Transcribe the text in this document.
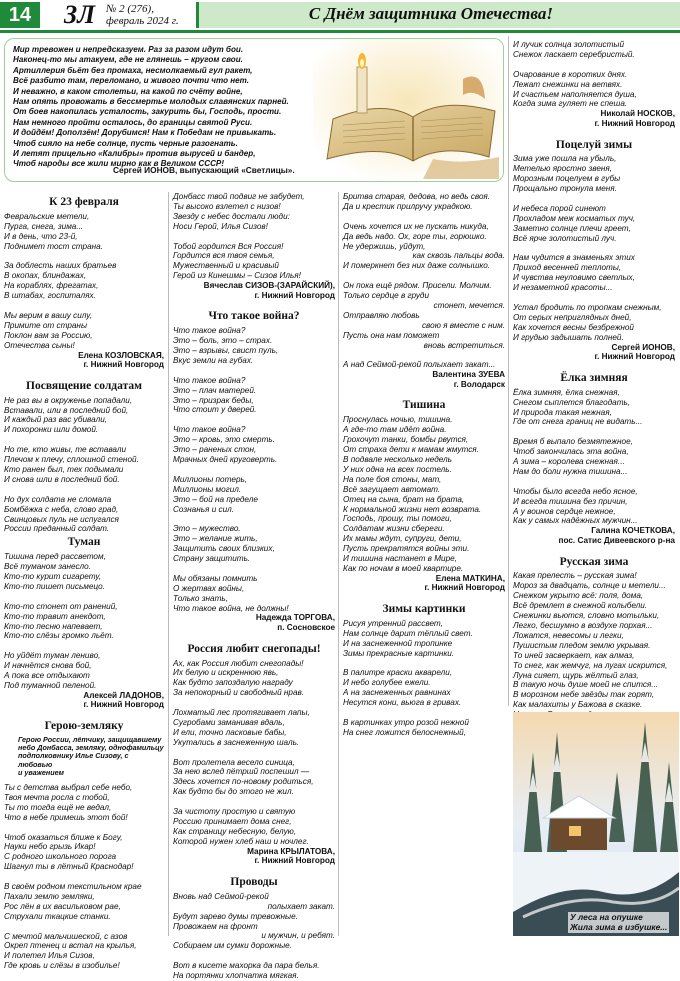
14	ЗЛ № 2 (276),
февраль 2024 г.	С Днём защитника Отечества!
Мир тревожен и непредсказуем. Раз за разом идут бои.
Наконец-то мы атакуем, где не глянешь – кругом свои.
Артиллерия бьёт без промаха, несмолкаемый гул ракет,
Всё разбито там, переломано, и живого почти что нет.
И неважно, в каком столетьи, на какой по счёту войне,
Нам опять провожать в бессмертье молодых славянских парней.
От боев накопилась усталость, закурить бы, Господь, прости.
Нам немного пройти осталось, до границы святой Руси.
И дойдём! Доползëм! Дорубимся! Нам к Победам не привыкать.
Чтоб сияло на небе солнце, пусть черные разогнать.
И летят прицельно «Калибры» против вырусей и бандер,
Чтоб народы все жили мирно как в Великом СССР!
Сергей ИОНОВ, выпускающий «Светлицы».
К 23 февраля
Февральские метели,
Пурга, снега, зима...
И в день, что 23-й,
Поднимет тост страна.
За доблесть наших братьев
В окопах, блиндажах,
На кораблях, фрегатах,
В штабах, госпиталях.
Мы верим в вашу силу,
Примите от страны
Поклон вам за Россию,
Отечества сыны!
Елена КОЗЛОВСКАЯ,
г. Нижний Новгород
Посвящение солдатам
Не раз вы в окруженье попадали,
Вставали, или в последний бой,
И каждый раз вас убивали,
И похоронки шли домой.
Но те, кто живы, те вставали
Плечом к плечу, сплошной стеной.
Кто ранен был, тех подымали
И снова шли в последний бой.
Но дух солдата не сломала
Бомбёжка с неба, слово град,
Свинцовых пуль не испугался
России преданный солдат.
Туман
Тишина перед рассветом,
Всё туманом занесло.
Кто-то курит сигарету,
Кто-то пишет письмецо.
Кто-то стонет от ранений,
Кто-то травит анекдот,
Кто-то песню напевает,
Кто-то слёзы громко льёт.
Но уйдёт туман лениво,
И начнётся снова бой,
А пока все отдыхают
Под туманной пеленой.
Алексей ЛАДОНОВ,
г. Нижний Новгород
Герою-земляку
Герою России, лётчику, защищавшему
небо Донбасса, земляку, однофамильцу
подполковнику Илье Сизову, с любовью
и уважением
Ты с детства выбрал себе небо,
Твоя мечта росла с тобой,
Ты то тогда ещё не ведал,
Что в небе примешь этот бой!
Чтоб оказаться ближе к Богу,
Науки небо грызь Икар!
С родного школьного порога
Шагнул ты в лётный Краснодар!
В своём родном текстильном крае
Пахали землю земляки,
Рос лён в их васильковом рае,
Струхали ткацкие станки.
С мечтой мальчишеской, с азов
Окреп птенец и встал на крылья,
И полетел Илья Сизов,
Где кровь и слёзы в изобилье!
Донбасс твой подвиг не забудет,
Ты высоко взлетел с низов!
Звезду с небес достали люди:
Носи Герой, Илья Сизов!
Тобой гордится Вся Россия!
Гордится вся твоя семья,
Мужественный и красивый
Герой из Кинешмы – Сизов Илья!
Вячеслав СИЗОВ-(ЗАРАЙСКИЙ),
г. Нижний Новгород
Что такое война?
Что такое война?
Это – боль, это – страх.
Это – взрывы, свист пуль,
Вкус земли на губах.
Что такое война?
Это – плач матерей.
Это – призрак беды,
Что стоит у дверей.
Что такое война?
Это – кровь, это смерть.
Это – раненых стон,
Мрачных дней круговерть.
Миллионы потерь,
Миллионы могил.
Это – бой на пределе
Сознанья и сил.
Это – мужество.
Это – желание жить,
Защитить своих близких,
Страну защитить.
Мы обязаны помнить
О жертвах войны,
Только знать,
Что такое война, не должны!
Надежда ТОРГОВА,
п. Сосновское
Россия любит снегопады!
Ах, как Россия любит снегопады!
Их белую и искреннюю явь,
Как будто запоздалую награду
За непокорный и свободный нрав.
Лохматый лес протягивает лапы,
Сугробами заманивая вдаль,
И ели, точно ласковые бабы,
Укутались в заснеженную шаль.
Вот пролетела весело синица,
За нею вслед пётршй поспешил —
Здесь хочется по-новому родиться,
Как будто бы до этого не жил.
За чистоту простую и святую
Россию принимает дома снег,
Как страницу небесную, белую,
Которой нужен хлеб наш и ночлег.
Марина КРЫЛАТОВА,
г. Нижний Новгород
Проводы
Вновь над Сеймой-рекой
полыхает закат.
Будут зарево думы тревожные.
Провожаем на фронт
и мужчин, и ребят.
Собираем им сумки дорожные.
Вот в кисете махорка да пара белья.
На портянки хлопчатка мягкая.
Бритва старая, дедова, но ведь своя.
Да и крестик прилручу украдкою.
Очень хочется их не пускать никуда,
Да ведь надо. Ох, горе ты, горюшко.
Не удержишь, уйдут,
как сквозь пальцы вода.
И померкнет без них даже солнышко.
Он пока ещё рядом. Присели. Молчим.
Только сердце в груди
стонет, мечется.
Отправляю любовь
свою я вместе с ним.
Пусть она нам поможет
вновь встретиться.
А над Сеймой-рекой полыхает закат...
Валентина ЗУЕВА
г. Володарск
Тишина
Проснулась ночью, тишина.
А где-то там идёт война.
Грохочут танки, бомбы рвутся,
От страха дети к мамам жмутся.
В подвале несколько недель
У них одна на всех постель.
На поле боя стоны, мат,
Всё загущает автомат.
Отец на сына, брат на брата,
К нормальной жизни нет возврата.
Господь, прошу, ты помоги,
Солдатам жизни сбереги.
Их мамы ждут, супруги, дети,
Пусть прекратятся войны эти.
И тишина настанет в Мире,
Как по ночам в моей квартире.
Елена МАТКИНА,
г. Нижний Новгород
Зимы картинки
Рисуя утренний рассвет,
Нам солнце дарит тёплый свет.
И на заснеженной тропинке
Зимы прекрасные картинки.
В палитре краски акварели,
И небо голубее ежели.
А на заснеженных равнинах
Несутся кони, вьюга в гривах.
В картинках утро розой нежной
На снег ложится белоснежный,
И лучик солнца золотистый
Снежок ласкает серебристый.
Очарование в коротких днях.
Лежат снежинки на ветвях.
И счастьем наполняется душа,
Когда зима гуляет не спеша.
Николай НОСКОВ,
г. Нижний Новгород
Поцелуй зимы
Зима уже пошла на убыль,
Метелью яростно звеня,
Морозным поцелуем в губы
Прощально тронула меня.
И небеса порой синеют
Прохладом меж косматых туч,
Заметно солнце плечи греет,
Всё ярче золотистый луч.
Нам чудится в знаменьях этих
Приход весенней теплоты,
И чувства неуловимо светлых,
И незаметной красоты...
Устал бродить по тропкам снежным,
От серых неприглядных дней,
Как хочется весны безбрежной
И грудью задышать полней.
Сергей ИОНОВ,
г. Нижний Новгород
Ёлка зимняя
Ёлка зимняя, ёлка снежная,
Снегом сыплется благодать,
И природа такая нежная,
Где от снега границ не видать...
Время б выпало безмятежное,
Чтоб закончилась эта война,
А зима – королева снежная...
Нам до боли нужна тишина...
Чтобы было всегда небо ясное,
И всегда тишина без причин,
А у воинов сердце нежное,
Как у самых надёжных мужчин...
Галина КОЧЕТКОВА,
пос. Сатис Дивеевского р-на
Русская зима
Какая прелесть – русская зима!
Мороз за двадцать, солнце и метели...
Снежком укрыто всё: поля, дома,
Всё дремлет в снежной колыбели.
Снежинки вьются, словно мотыльки,
Легко, бесшумно в воздухе порхая...
Ложатся, невесомы и легки,
Пушистым пледом землю укрывая.
То иней засверкает, как алмаз,
То снег, как жемчуг, на лугах искрится,
Луна сияет, щурь жёлтый глаз,
В такую ночь душе моей не спится...
В морозном небе звёзды так горят,
Как малахиты у Бажова в сказке.
У леса на опушке
Жила зима в избушке...
